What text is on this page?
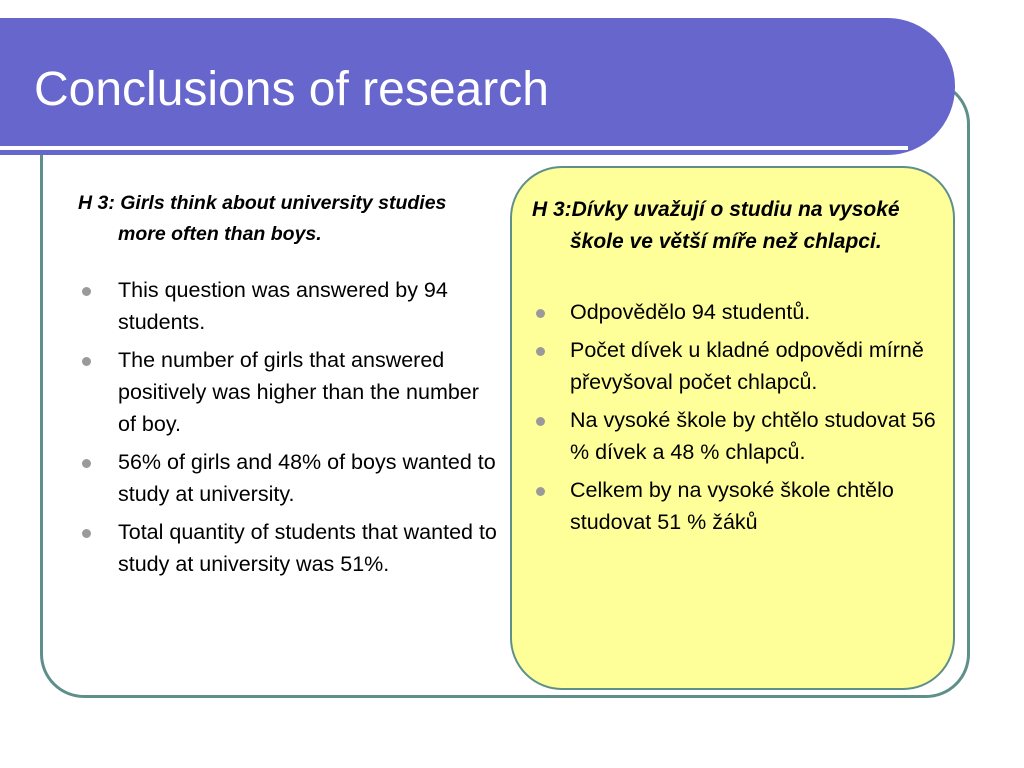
Conclusions of research
H 3: Girls think about university studies more often than boys.
This question was answered by 94 students.
The number of girls that answered positively was higher than the number of boy.
56% of girls and 48% of boys wanted to study at university.
Total quantity of students that wanted to study at university was 51%.
H 3:Dívky uvažují o studiu na vysoké škole ve větší míře než chlapci.
Odpovědělo 94 studentů.
Počet dívek u kladné odpovědi mírně převyšoval počet chlapců.
Na vysoké škole by chtělo studovat 56 % dívek a 48 % chlapců.
Celkem by na vysoké škole chtělo studovat 51 % žáků
